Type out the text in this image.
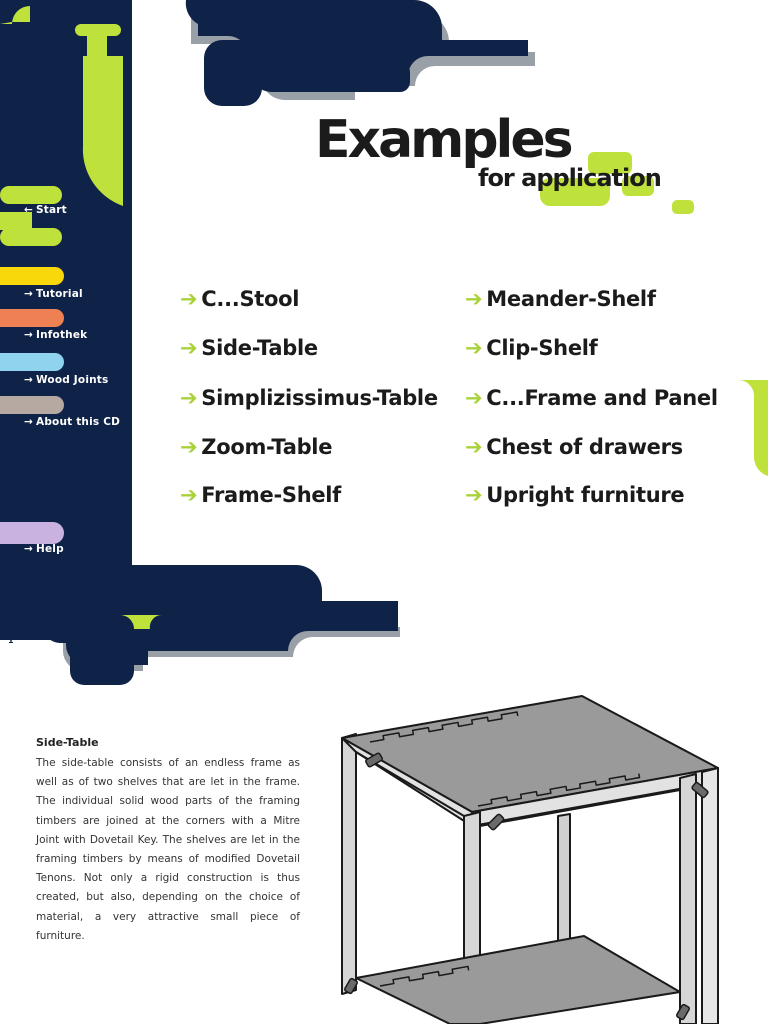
← Start
→ Tutorial
→ Infothek
→ Wood Joints
→ About this CD
→ Help
1
Examples
for application
➔ C...Stool
➔ Side-Table
➔ Simplizissimus-Table
➔ Zoom-Table
➔ Frame-Shelf
➔ Meander-Shelf
➔ Clip-Shelf
➔ C...Frame and Panel
➔ Chest of drawers
➔ Upright furniture
Side-Table

The side-table consists of an endless frame as well as of two shelves that are let in the frame. The individual solid wood parts of the framing timbers are joined at the corners with a Mitre Joint with Dovetail Key. The shelves are let in the framing timbers by means of modified Dovetail Tenons. Not only a rigid construction is thus created, but also, depending on the choice of material, a very attractive small piece of furniture.
